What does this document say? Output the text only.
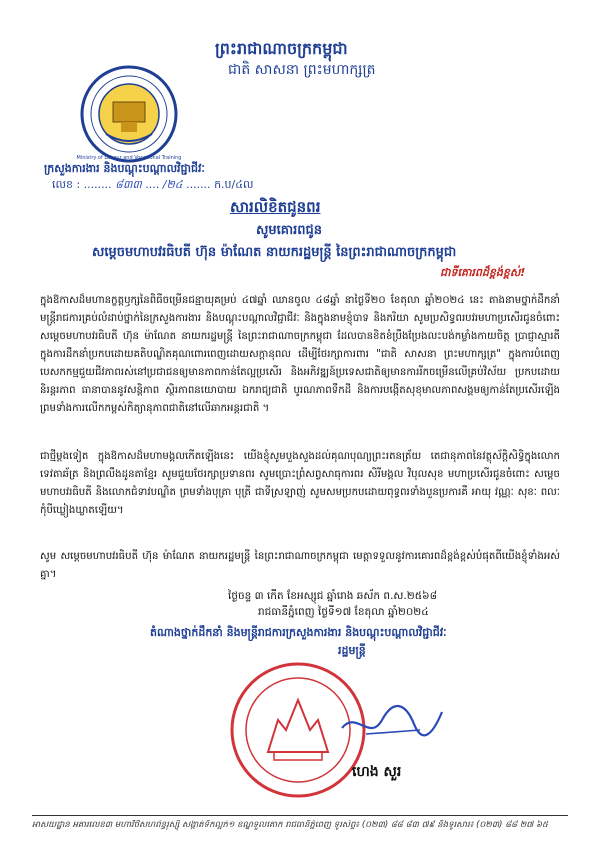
ព្រះរាជាណាចក្រកម្ពុជា
ជាតិ សាសនា ព្រះមហាក្សត្រ
Ministry of Labour and Vocational Training
ក្រសួងការងារ និងបណ្តុះបណ្តាលវិជ្ជាជីវៈ
លេខ : ........ ៨៣៣ .... /២៤ ....... ក.ប/៤ល
សារលិខិតជូនពរ
សូមគោរពជូន
សម្តេចមហាបវរធិបតី ហ៊ុន ម៉ាណែត នាយករដ្ឋមន្ត្រី នៃព្រះរាជាណាចក្រកម្ពុជា
ជាទីគោរពដ៏ខ្ពង់ខ្ពស់!
ក្នុងឱកាសដ៏មហានក្ខត្តឫក្សនៃពិធីចម្រើនជន្មាយុគម្រប់ ៤៧ឆ្នាំ ឈានចូល ៤៨ឆ្នាំ នាថ្ងៃទី២០ ខែតុលា ឆ្នាំ២០២៤ នេះ តាងនាមថ្នាក់ដឹកនាំ មន្ត្រីរាជការគ្រប់លំដាប់ថ្នាក់នៃក្រសួងការងារ និងបណ្តុះបណ្តាលវិជ្ជាជីវៈ និងក្នុងនាមខ្ញុំបាទ និងភរិយា សូមប្រសិទ្ធពរបវរមហាប្រសើរជូនចំពោះ សម្តេចមហាបវរធិបតី ហ៊ុន ម៉ាណែត នាយករដ្ឋមន្ត្រី នៃព្រះរាជាណាចក្រកម្ពុជា ដែលបានខិតខំប្រឹងប្រែងលះបង់កម្លាំងកាយចិត្ត ប្រាជ្ញាស្មារតី ក្នុងការដឹកនាំប្រកបដោយគតិបណ្ឌិតគុណពោរពេញដោយសក្តានុពល ដើម្បីថែរក្សាការពារ "ជាតិ សាសនា ព្រះមហាក្សត្រ" ក្នុងការបំពេញបេសកកម្មជួយជីវភាពរស់នៅប្រជាជនឲ្យមានភាពកាន់តែល្អប្រសើរ និងអភិវឌ្ឍន៍ប្រទេសជាតិឲ្យមានការរីកចម្រើនលើគ្រប់វិស័យ ប្រកបដោយនិរន្តរភាព ធានាបាននូវសន្តិភាព ស្ថិរភាពនយោបាយ ឯករាជ្យជាតិ បូរណភាពទឹកដី និងការបង្កើតសុខុមាលភាពសង្គមឲ្យកាន់តែប្រសើរឡើង ព្រមទាំងការលើកកម្ពស់កិត្យានុភាពជាតិនៅលើឆាកអន្តរជាតិ ។
ជាថ្មីម្តងទៀត ក្នុងឱកាសដ៏មហាមង្គលកើតឡើងនេះ យើងខ្ញុំសូមបួងសួងដល់គុណបុណ្យព្រះរតនត្រ័យ តេជានុភាពនៃវត្ថុស័ក្តិសិទ្ធិក្នុងលោក ទេវតាឆ័ត្រ និងព្រលឹងដូនតាខ្មែរ សូមជួយថែរក្សាប្រទានពរ សូមប្រោះព្រំសព្វសាធុការពរ សិរីមង្គល វិបុលសុខ មហាប្រសើរជូនចំពោះ សម្តេចមហាបវរធិបតី និងលោកជំទាវបណ្ឌិត ព្រមទាំងបុត្រា បុត្រី ជាទីស្រឡាញ់ សូមសមប្រកបដោយពុទ្ធពរទាំងបួនប្រការគឺ អាយុ វណ្ណៈ សុខៈ ពលៈ កុំបីឃ្លៀងឃ្លាតឡើយ។
សូម សម្តេចមហាបវរធិបតី ហ៊ុន ម៉ាណែត នាយករដ្ឋមន្ត្រី នៃព្រះរាជាណាចក្រកម្ពុជា មេត្តាទទួលនូវការគោរពដ៏ខ្ពង់ខ្ពស់បំផុតពីយើងខ្ញុំទាំងអស់គ្នា។
ថ្ងៃចន្ទ ៣ កើត ខែអស្សុជ ឆ្នាំរោង ឆស័ក ព.ស.២៥៦៨
រាជធានីភ្នំពេញ ថ្ងៃទី១៧ ខែតុលា ឆ្នាំ២០២៤
តំណាងថ្នាក់ដឹកនាំ និងមន្ត្រីរាជការក្រសួងការងារ និងបណ្តុះបណ្តាលវិជ្ជាជីវៈ
រដ្ឋមន្ត្រី
ហេង សួរ
អាសយដ្ឋាន អគារលេខ៣ មហាវិថីសហព័ន្ធរុស្ស៊ី សង្កាត់ទឹកល្អក់១ ខណ្ឌទួលគោក រាជធានីភ្នំពេញ ទូរស័ព្ទ៖ (០២៣) ៨៨ ៨៣ ៧៩ និងទូរសារ៖ (០២៣) ៨៨ ២៧ ៦៥
